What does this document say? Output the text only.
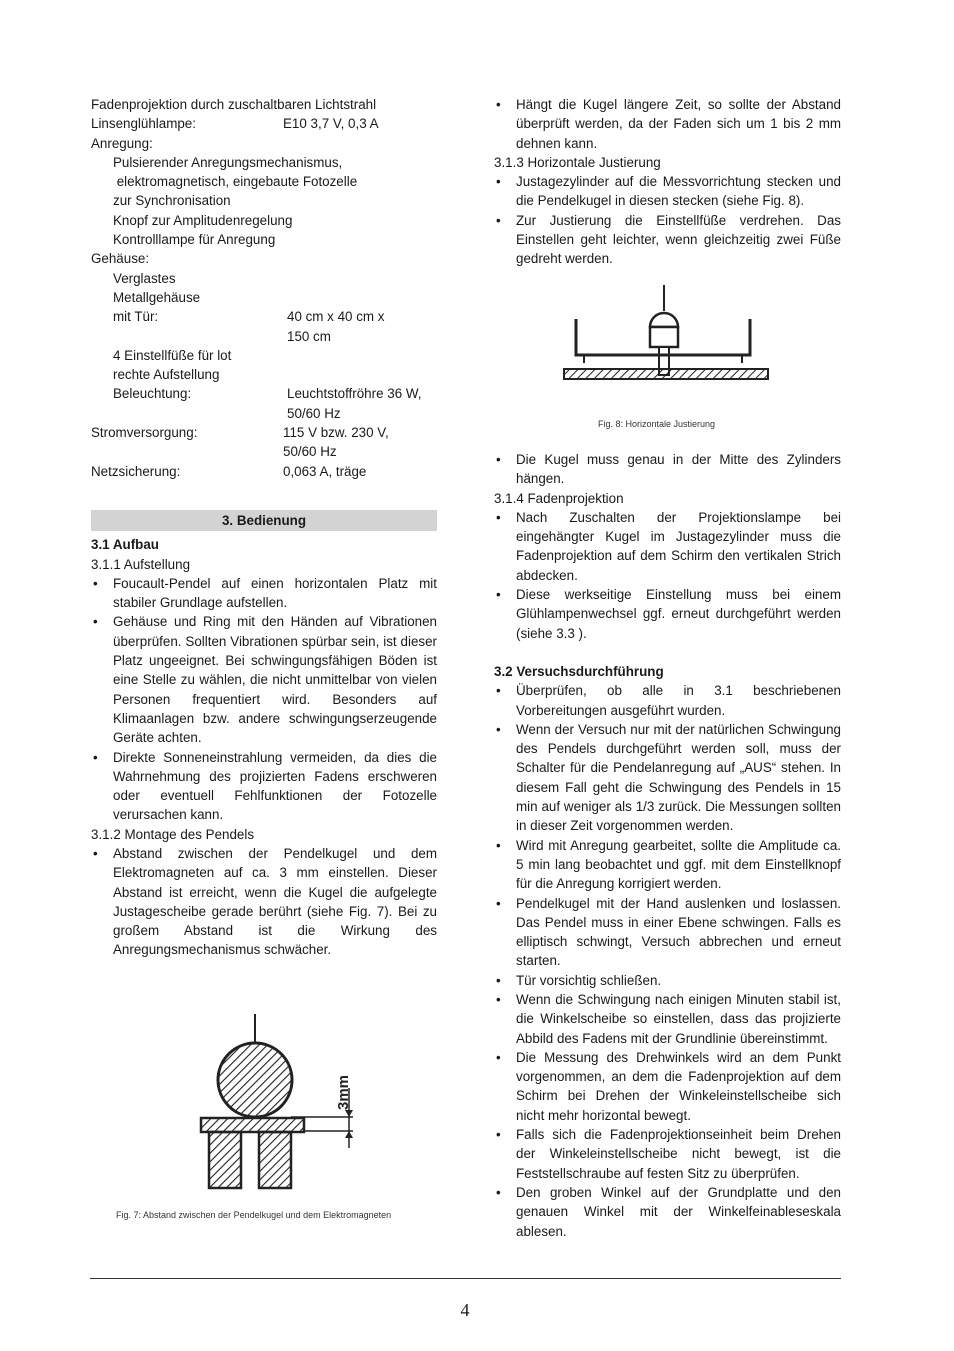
Fadenprojektion durch zuschaltbaren Lichtstrahl
Linsenglühlampe:	E10 3,7 V, 0,3 A
Anregung:
Pulsierender Anregungsmechanismus,
elektromagnetisch, eingebaute Fotozelle
zur Synchronisation
Knopf zur Amplitudenregelung
Kontrolllampe für Anregung
Gehäuse:
Verglastes
Metallgehäuse
mit Tür:	40 cm x 40 cm x
150 cm
4 Einstellfüße für lot
rechte Aufstellung
Beleuchtung:	Leuchtstoffröhre 36 W,
50/60 Hz
Stromversorgung:	115 V bzw. 230 V,
50/60 Hz
Netzsicherung:	0,063 A, träge
3. Bedienung
3.1 Aufbau
3.1.1 Aufstellung
• Foucault-Pendel auf einen horizontalen Platz mit stabiler Grundlage aufstellen.
• Gehäuse und Ring mit den Händen auf Vibrationen überprüfen. Sollten Vibrationen spürbar sein, ist dieser Platz ungeeignet. Bei schwingungsfähigen Böden ist eine Stelle zu wählen, die nicht unmittelbar von vielen Personen frequentiert wird. Besonders auf Klimaanlagen bzw. andere schwingungserzeugende Geräte achten.
• Direkte Sonneneinstrahlung vermeiden, da dies die Wahrnehmung des projizierten Fadens erschweren oder eventuell Fehlfunktionen der Fotozelle verursachen kann.
3.1.2 Montage des Pendels
• Abstand zwischen der Pendelkugel und dem Elektromagneten auf ca. 3 mm einstellen. Dieser Abstand ist erreicht, wenn die Kugel die aufgelegte Justagescheibe gerade berührt (siehe Fig. 7). Bei zu großem Abstand ist die Wirkung des Anregungsmechanismus schwächer.
3mm
Fig. 7: Abstand zwischen der Pendelkugel und dem Elektromagneten
• Hängt die Kugel längere Zeit, so sollte der Abstand überprüft werden, da der Faden sich um 1 bis 2 mm dehnen kann.
3.1.3 Horizontale Justierung
• Justagezylinder auf die Messvorrichtung stecken und die Pendelkugel in diesen stecken (siehe Fig. 8).
• Zur Justierung die Einstellfüße verdrehen. Das Einstellen geht leichter, wenn gleichzeitig zwei Füße gedreht werden.
Fig. 8: Horizontale Justierung
• Die Kugel muss genau in der Mitte des Zylinders hängen.
3.1.4 Fadenprojektion
• Nach Zuschalten der Projektionslampe bei eingehängter Kugel im Justagezylinder muss die Fadenprojektion auf dem Schirm den vertikalen Strich abdecken.
• Diese werkseitige Einstellung muss bei einem Glühlampenwechsel ggf. erneut durchgeführt werden (siehe 3.3 ).
3.2 Versuchsdurchführung
• Überprüfen, ob alle in 3.1 beschriebenen Vorbereitungen ausgeführt wurden.
• Wenn der Versuch nur mit der natürlichen Schwingung des Pendels durchgeführt werden soll, muss der Schalter für die Pendelanregung auf „AUS“ stehen. In diesem Fall geht die Schwingung des Pendels in 15 min auf weniger als 1/3 zurück. Die Messungen sollten in dieser Zeit vorgenommen werden.
• Wird mit Anregung gearbeitet, sollte die Amplitude ca. 5 min lang beobachtet und ggf. mit dem Einstellknopf für die Anregung korrigiert werden.
• Pendelkugel mit der Hand auslenken und loslassen. Das Pendel muss in einer Ebene schwingen. Falls es elliptisch schwingt, Versuch abbrechen und erneut starten.
• Tür vorsichtig schließen.
• Wenn die Schwingung nach einigen Minuten stabil ist, die Winkelscheibe so einstellen, dass das projizierte Abbild des Fadens mit der Grundlinie übereinstimmt.
• Die Messung des Drehwinkels wird an dem Punkt vorgenommen, an dem die Fadenprojektion auf dem Schirm bei Drehen der Winkeleinstellscheibe sich nicht mehr horizontal bewegt.
• Falls sich die Fadenprojektionseinheit beim Drehen der Winkeleinstellscheibe nicht bewegt, ist die Feststellschraube auf festen Sitz zu überprüfen.
• Den groben Winkel auf der Grundplatte und den genauen Winkel mit der Winkelfeinableseskala ablesen.
4
